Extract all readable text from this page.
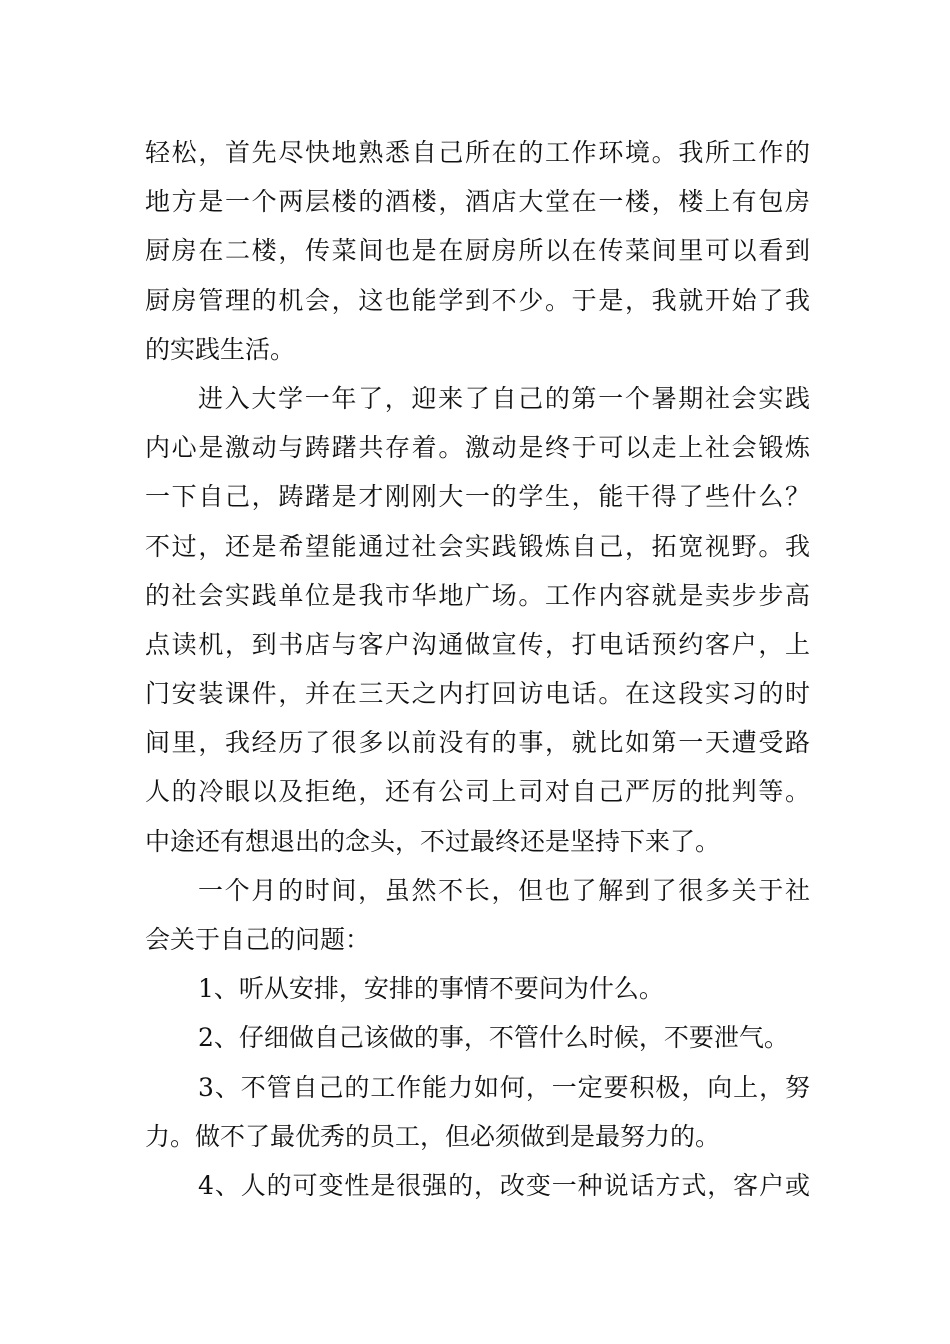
轻松，首先尽快地熟悉自己所在的工作环境。我所工作的
地方是一个两层楼的酒楼，酒店大堂在一楼，楼上有包房
厨房在二楼，传菜间也是在厨房所以在传菜间里可以看到
厨房管理的机会，这也能学到不少。于是，我就开始了我
的实践生活。
进入大学一年了，迎来了自己的第一个暑期社会实践
内心是激动与踌躇共存着。激动是终于可以走上社会锻炼
一下自己，踌躇是才刚刚大一的学生，能干得了些什么？
不过，还是希望能通过社会实践锻炼自己，拓宽视野。我
的社会实践单位是我市华地广场。工作内容就是卖步步高
点读机，到书店与客户沟通做宣传，打电话预约客户，上
门安装课件，并在三天之内打回访电话。在这段实习的时
间里，我经历了很多以前没有的事，就比如第一天遭受路
人的冷眼以及拒绝，还有公司上司对自己严厉的批判等。
中途还有想退出的念头，不过最终还是坚持下来了。
一个月的时间，虽然不长，但也了解到了很多关于社
会关于自己的问题：
1、听从安排，安排的事情不要问为什么。
2、仔细做自己该做的事，不管什么时候，不要泄气。
3、不管自己的工作能力如何，一定要积极，向上，努
力。做不了最优秀的员工，但必须做到是最努力的。
4、人的可变性是很强的，改变一种说话方式，客户或
